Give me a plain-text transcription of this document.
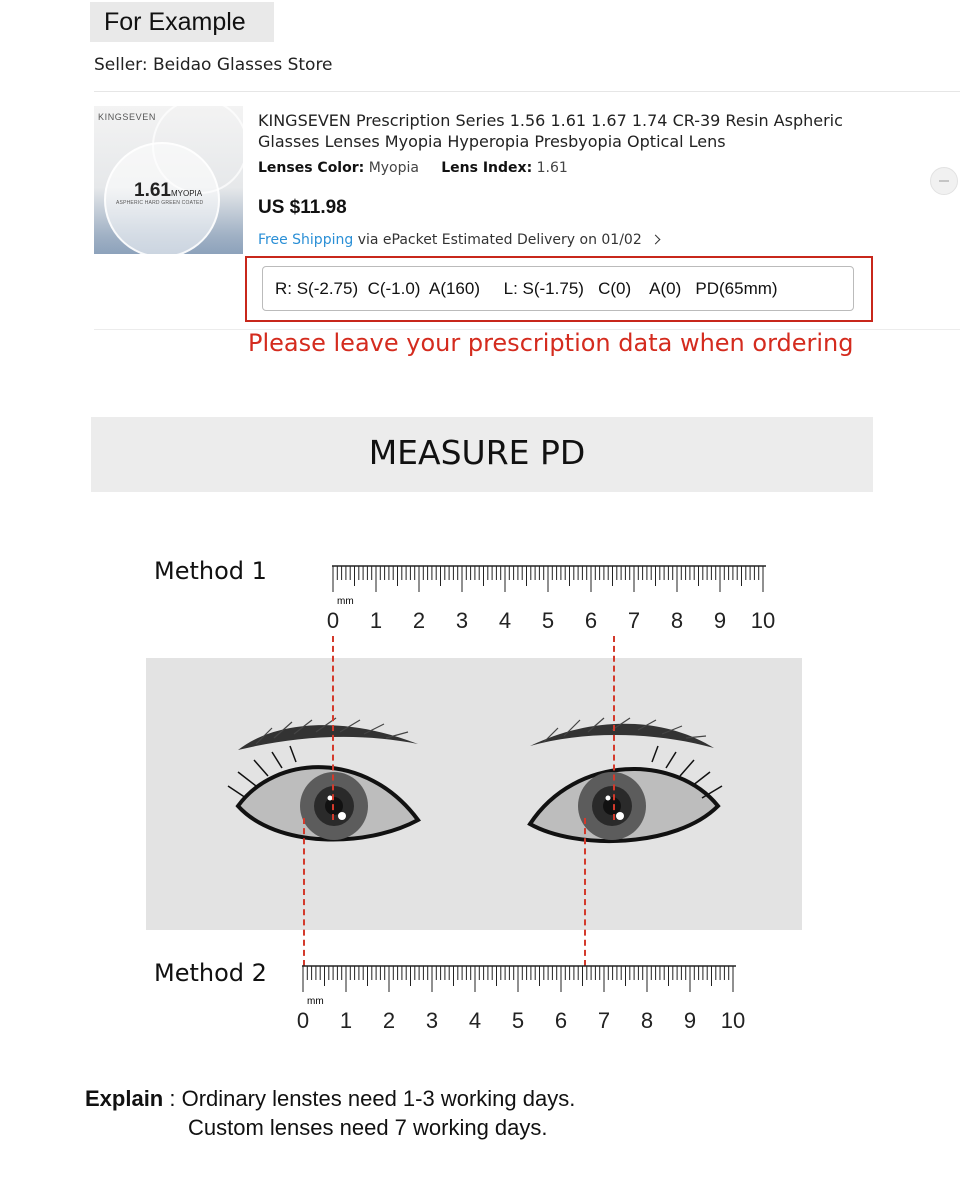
For Example
Seller: Beidao Glasses Store
KINGSEVEN
1.61MYOPIA
ASPHERIC HARD GREEN COATED
KINGSEVEN Prescription Series 1.56 1.61 1.67 1.74 CR-39 Resin Aspheric Glasses Lenses Myopia Hyperopia Presbyopia Optical Lens
Lenses Color: Myopia Lens Index: 1.61
US $11.98
Free Shipping via ePacket Estimated Delivery on 01/02
R: S(-2.75)  C(-1.0)  A(160)     L: S(-1.75)   C(0)    A(0)   PD(65mm)
Please leave your prescription data when ordering
MEASURE PD
Method 1
Method 2
mm
0 1 2 3 4 5 6 7 8 9 10
mm
0 1 2 3 4 5 6 7 8 9 10
Explain : Ordinary lenstes need 1-3 working days.
Custom lenses need 7 working days.
